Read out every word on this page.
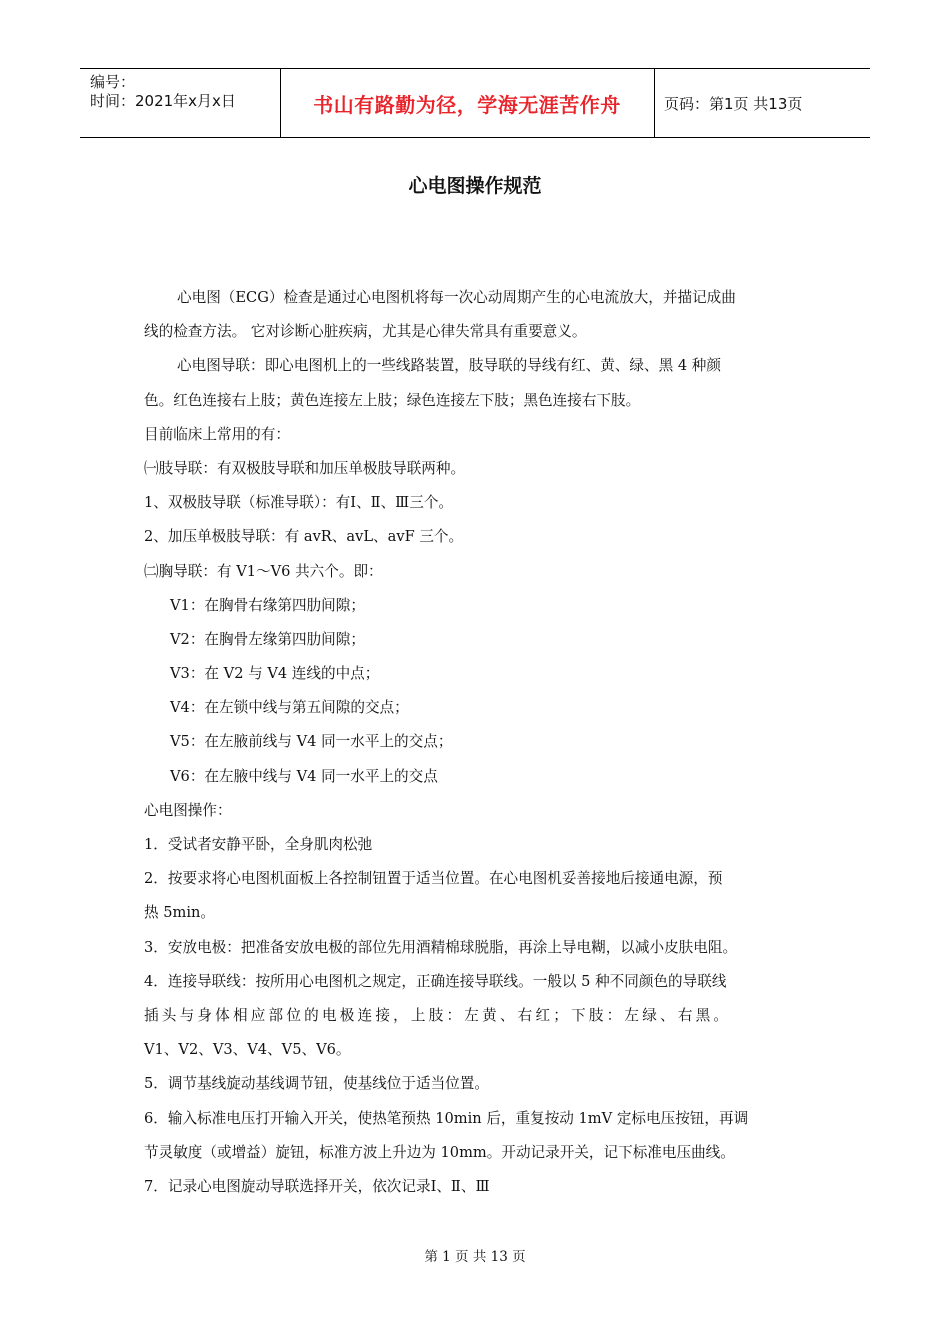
编号：
时间：2021年x月x日	书山有路勤为径，学海无涯苦作舟	页码：第1页 共13页
心电图操作规范
心电图（ECG）检查是通过心电图机将每一次心动周期产生的心电流放大，并描记成曲
线的检查方法。 它对诊断心脏疾病，尤其是心律失常具有重要意义。
心电图导联：即心电图机上的一些线路装置，肢导联的导线有红、黄、绿、黑 4 种颜
色。红色连接右上肢；黄色连接左上肢；绿色连接左下肢；黑色连接右下肢。
目前临床上常用的有：
㈠肢导联：有双极肢导联和加压单极肢导联两种。
1、双极肢导联（标准导联）：有Ⅰ、Ⅱ、Ⅲ三个。
2、加压单极肢导联：有 avR、avL、avF 三个。
㈡胸导联：有 V1～V6 共六个。即：
V1：在胸骨右缘第四肋间隙；
V2：在胸骨左缘第四肋间隙；
V3：在 V2 与 V4 连线的中点；
V4：在左锁中线与第五间隙的交点；
V5：在左腋前线与 V4 同一水平上的交点；
V6：在左腋中线与 V4 同一水平上的交点
心电图操作：
1．受试者安静平卧，全身肌肉松弛
2．按要求将心电图机面板上各控制钮置于适当位置。在心电图机妥善接地后接通电源，预
热 5min。
3．安放电极：把准备安放电极的部位先用酒精棉球脱脂，再涂上导电糊，以减小皮肤电阻。
4．连接导联线：按所用心电图机之规定，正确连接导联线。一般以 5 种不同颜色的导联线
插头与身体相应部位的电极连接，上肢：左黄、右红；下肢：左绿、右黑。
V1、V2、V3、V4、V5、V6。
5．调节基线旋动基线调节钮，使基线位于适当位置。
6．输入标准电压打开输入开关，使热笔预热 10min 后，重复按动 1mV 定标电压按钮，再调
节灵敏度（或增益）旋钮，标准方波上升边为 10mm。开动记录开关，记下标准电压曲线。
7．记录心电图旋动导联选择开关，依次记录Ⅰ、Ⅱ、Ⅲ
第 1 页 共 13 页
